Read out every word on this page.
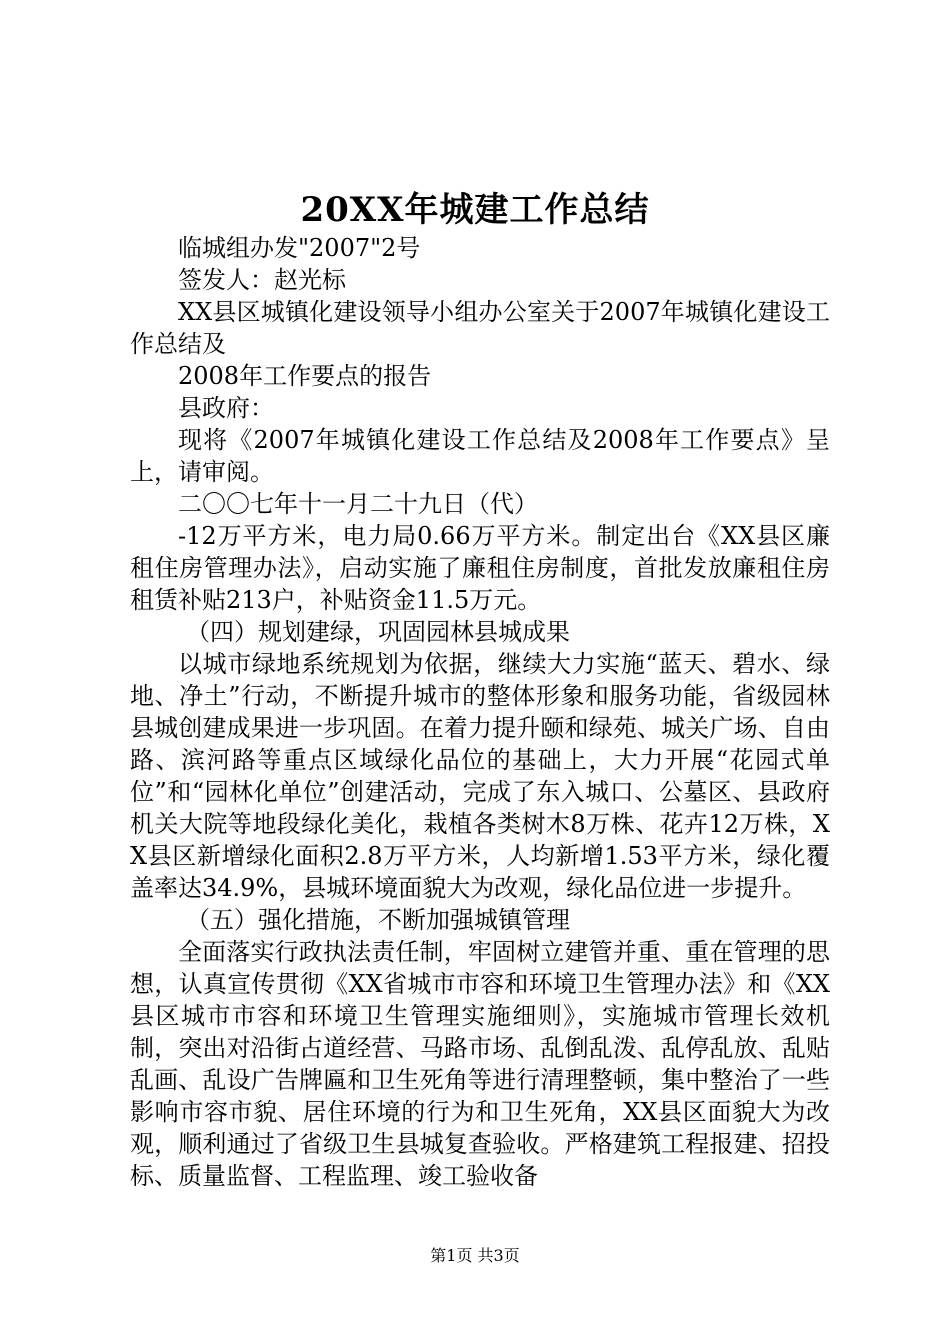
20XX年城建工作总结

临城组办发"2007"2号

签发人：赵光标

XX县区城镇化建设领导小组办公室关于2007年城镇化建设工作总结及

2008年工作要点的报告

县政府：

现将《2007年城镇化建设工作总结及2008年工作要点》呈上，请审阅。

二〇〇七年十一月二十九日（代）

-12万平方米，电力局0.66万平方米。制定出台《XX县区廉租住房管理办法》，启动实施了廉租住房制度，首批发放廉租住房租赁补贴213户，补贴资金11.5万元。

（四）规划建绿，巩固园林县城成果

以城市绿地系统规划为依据，继续大力实施“蓝天、碧水、绿地、净土”行动，不断提升城市的整体形象和服务功能，省级园林县城创建成果进一步巩固。在着力提升颐和绿苑、城关广场、自由路、滨河路等重点区域绿化品位的基础上，大力开展“花园式单位”和“园林化单位”创建活动，完成了东入城口、公墓区、县政府机关大院等地段绿化美化，栽植各类树木8万株、花卉12万株，XX县区新增绿化面积2.8万平方米，人均新增1.53平方米，绿化覆盖率达34.9%，县城环境面貌大为改观，绿化品位进一步提升。

（五）强化措施，不断加强城镇管理

全面落实行政执法责任制，牢固树立建管并重、重在管理的思想，认真宣传贯彻《XX省城市市容和环境卫生管理办法》和《XX县区城市市容和环境卫生管理实施细则》，实施城市管理长效机制，突出对沿街占道经营、马路市场、乱倒乱泼、乱停乱放、乱贴乱画、乱设广告牌匾和卫生死角等进行清理整顿，集中整治了一些影响市容市貌、居住环境的行为和卫生死角，XX县区面貌大为改观，顺利通过了省级卫生县城复查验收。严格建筑工程报建、招投标、质量监督、工程监理、竣工验收备

第1页 共3页
